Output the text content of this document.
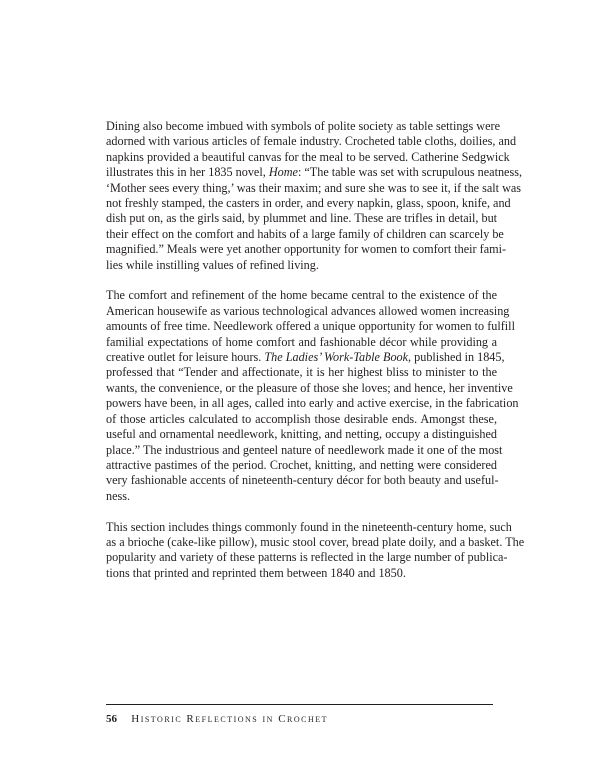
Dining also become imbued with symbols of polite society as table settings were
adorned with various articles of female industry. Crocheted table cloths, doilies, and
napkins provided a beautiful canvas for the meal to be served. Catherine Sedgwick
illustrates this in her 1835 novel, Home: “The table was set with scrupulous neatness,
‘Mother sees every thing,’ was their maxim; and sure she was to see it, if the salt was
not freshly stamped, the casters in order, and every napkin, glass, spoon, knife, and
dish put on, as the girls said, by plummet and line. These are trifles in detail, but
their effect on the comfort and habits of a large family of children can scarcely be
magnified.” Meals were yet another opportunity for women to comfort their fami-
lies while instilling values of refined living.
The comfort and refinement of the home became central to the existence of the
American housewife as various technological advances allowed women increasing
amounts of free time. Needlework offered a unique opportunity for women to fulfill
familial expectations of home comfort and fashionable décor while providing a
creative outlet for leisure hours. The Ladies’ Work-Table Book, published in 1845,
professed that “Tender and affectionate, it is her highest bliss to minister to the
wants, the convenience, or the pleasure of those she loves; and hence, her inventive
powers have been, in all ages, called into early and active exercise, in the fabrication
of those articles calculated to accomplish those desirable ends. Amongst these,
useful and ornamental needlework, knitting, and netting, occupy a distinguished
place.” The industrious and genteel nature of needlework made it one of the most
attractive pastimes of the period. Crochet, knitting, and netting were considered
very fashionable accents of nineteenth-century décor for both beauty and useful-
ness.
This section includes things commonly found in the nineteenth-century home, such
as a brioche (cake-like pillow), music stool cover, bread plate doily, and a basket. The
popularity and variety of these patterns is reflected in the large number of publica-
tions that printed and reprinted them between 1840 and 1850.
56 Historic Reflections in Crochet
